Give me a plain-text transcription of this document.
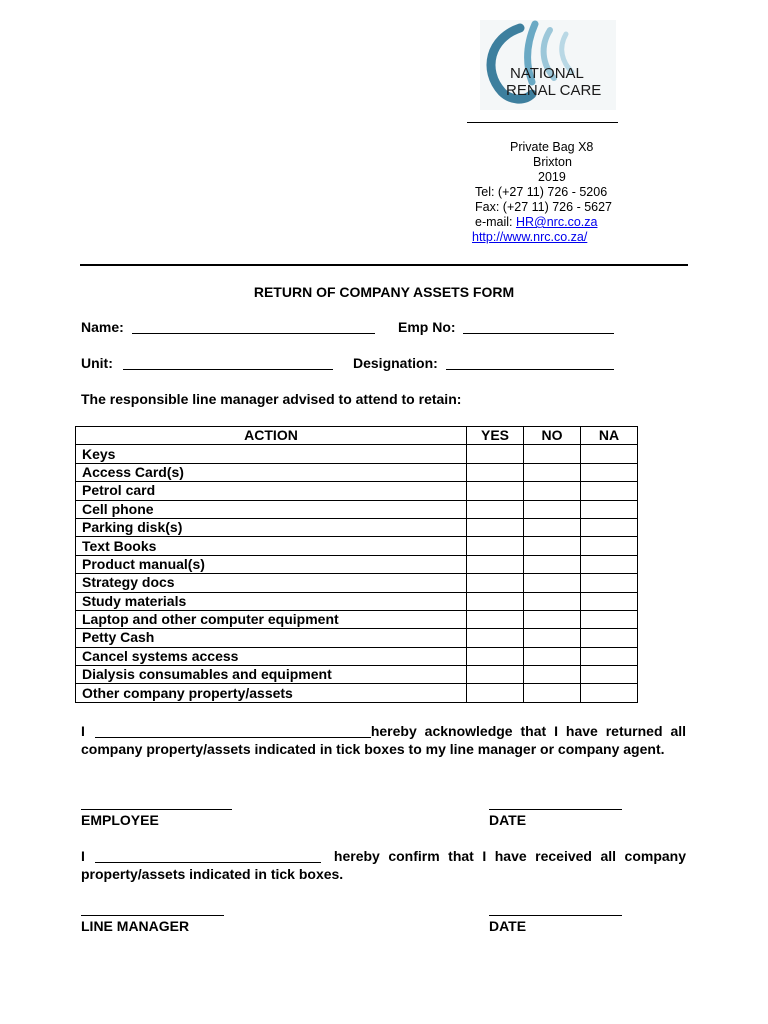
NATIONAL
RENAL CARE
Private Bag X8
Brixton
2019
Tel: (+27 11) 726 - 5206
Fax: (+27 11) 726 - 5627
e-mail: HR@nrc.co.za
http://www.nrc.co.za/
RETURN OF COMPANY ASSETS FORM
Name:	Emp No:
Unit:	Designation:
The responsible line manager advised to attend to retain:
ACTION	YES	NO	NA
Keys			
Access Card(s)			
Petrol card			
Cell phone			
Parking disk(s)			
Text Books			
Product manual(s)			
Strategy docs			
Study materials			
Laptop and other computer equipment			
Petty Cash			
Cancel systems access			
Dialysis consumables and equipment			
Other company property/assets			
I	hereby acknowledge that I have returned all company property/assets indicated in tick boxes to my line manager or company agent.
EMPLOYEE	DATE
I	hereby confirm that I have received all company property/assets indicated in tick boxes.
LINE MANAGER	DATE
